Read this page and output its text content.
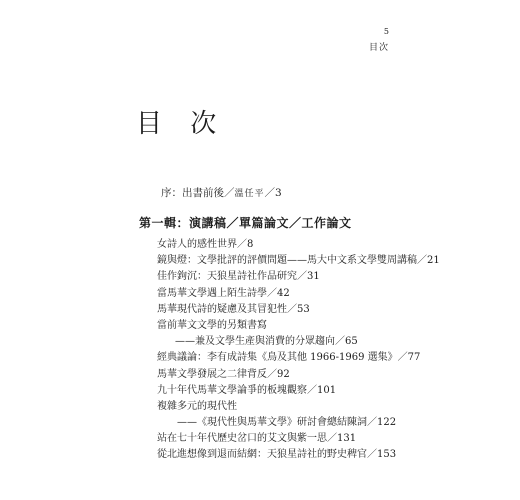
5
目次
目 次
序：出書前後／溫任平／3
第一輯：演講稿／單篇論文／工作論文
女詩人的感性世界／8
鏡與燈：文學批評的評價問題——馬大中文系文學雙周講稿／21
佳作鉤沉：天狼星詩社作品研究／31
當馬華文學遇上陌生詩學／42
馬華現代詩的疑慮及其冒犯性／53
當前華文文學的另類書寫
——兼及文學生產與消費的分眾趨向／65
經典議論：李有成詩集《鳥及其他 1966-1969 選集》／77
馬華文學發展之二律背反／92
九十年代馬華文學論爭的板塊觀察／101
複雜多元的現代性
——《現代性與馬華文學》研討會總結陳詞／122
站在七十年代歷史岔口的艾文與紫一思／131
從北進想像到退而結網：天狼星詩社的野史稗官／153
